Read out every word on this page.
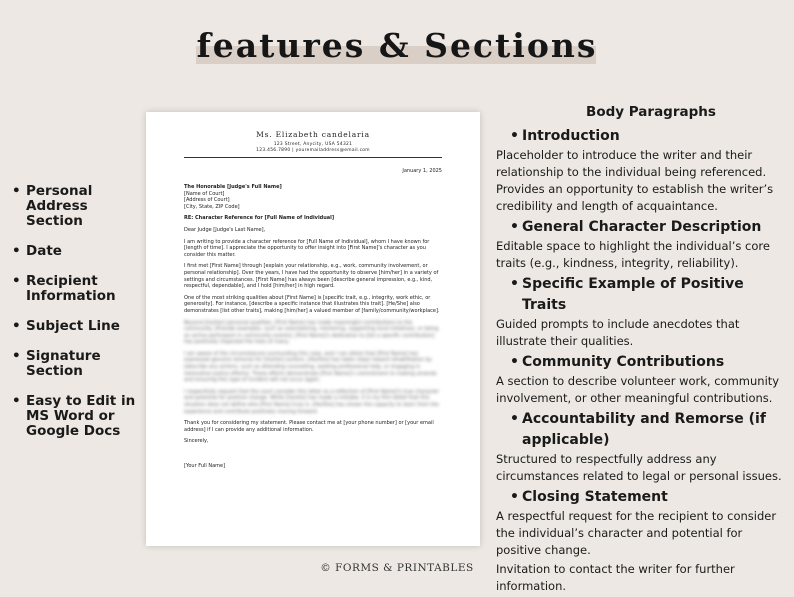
features & Sections
• Personal Address Section
• Date
• Recipient Information
• Subject Line
• Signature Section
• Easy to Edit in MS Word or Google Docs
Ms. Elizabeth candelaria
123 Street, Anycity, USA 54321
123.456.7890 | youremailaddress@email.com
January 1, 2025

The Honorable [Judge's Full Name]
[Name of Court]
[Address of Court]
[City, State, ZIP Code]

RE: Character Reference for [Full Name of Individual]

Dear Judge [Judge's Last Name],

I am writing to provide a character reference for [Full Name of Individual], whom I have known for [length of time]. I appreciate the opportunity to offer insight into [First Name]'s character as you consider this matter.

I first met [First Name] through [explain your relationship, e.g., work, community involvement, or personal relationship]. Over the years, I have had the opportunity to observe [him/her] in a variety of settings and circumstances. [First Name] has always been [describe general impression, e.g., kind, respectful, dependable], and I hold [him/her] in high regard.

One of the most striking qualities about [First Name] is [specific trait, e.g., integrity, work ethic, or generosity]. For instance, [describe a specific instance that illustrates this trait]. [He/She] also demonstrates [list other traits], making [him/her] a valued member of [family/community/workplace].

Beyond [his/her] personal qualities, [First Name] has made meaningful contributions to the community. [Provide examples, such as volunteering, mentoring, supporting local initiatives, or being an active participant in community events]. [First Name]'s dedication to [list a specific contribution] has positively impacted the lives of many.

I am aware of the circumstances surrounding this case, and I can attest that [First Name] has expressed genuine remorse for [his/her] actions. [He/She] has taken steps toward rehabilitation by [describe any actions, such as attending counseling, seeking professional help, or engaging in restorative justice efforts]. These efforts demonstrate [First Name]'s commitment to making amends and ensuring this type of incident will not occur again.

I respectfully request that the court consider this letter as a reflection of [First Name]'s true character and potential for positive change. While [he/she] has made a mistake, it is my firm belief that this situation does not define who [First Name] truly is. [He/She] has shown the capacity to learn from the experience and contribute positively moving forward.

Thank you for considering my statement. Please contact me at [your phone number] or [your email address] if I can provide any additional information.

Sincerely,

[Your Full Name]

Body Paragraphs
• Introduction
Placeholder to introduce the writer and their relationship to the individual being referenced. Provides an opportunity to establish the writer’s credibility and length of acquaintance.
• General Character Description
Editable space to highlight the individual’s core traits (e.g., kindness, integrity, reliability).
• Specific Example of Positive Traits
Guided prompts to include anecdotes that illustrate their qualities.
• Community Contributions
A section to describe volunteer work, community involvement, or other meaningful contributions.
• Accountability and Remorse (if applicable)
Structured to respectfully address any circumstances related to legal or personal issues.
• Closing Statement
A respectful request for the recipient to consider the individual’s character and potential for positive change.
Invitation to contact the writer for further information.
© FORMS & PRINTABLES
